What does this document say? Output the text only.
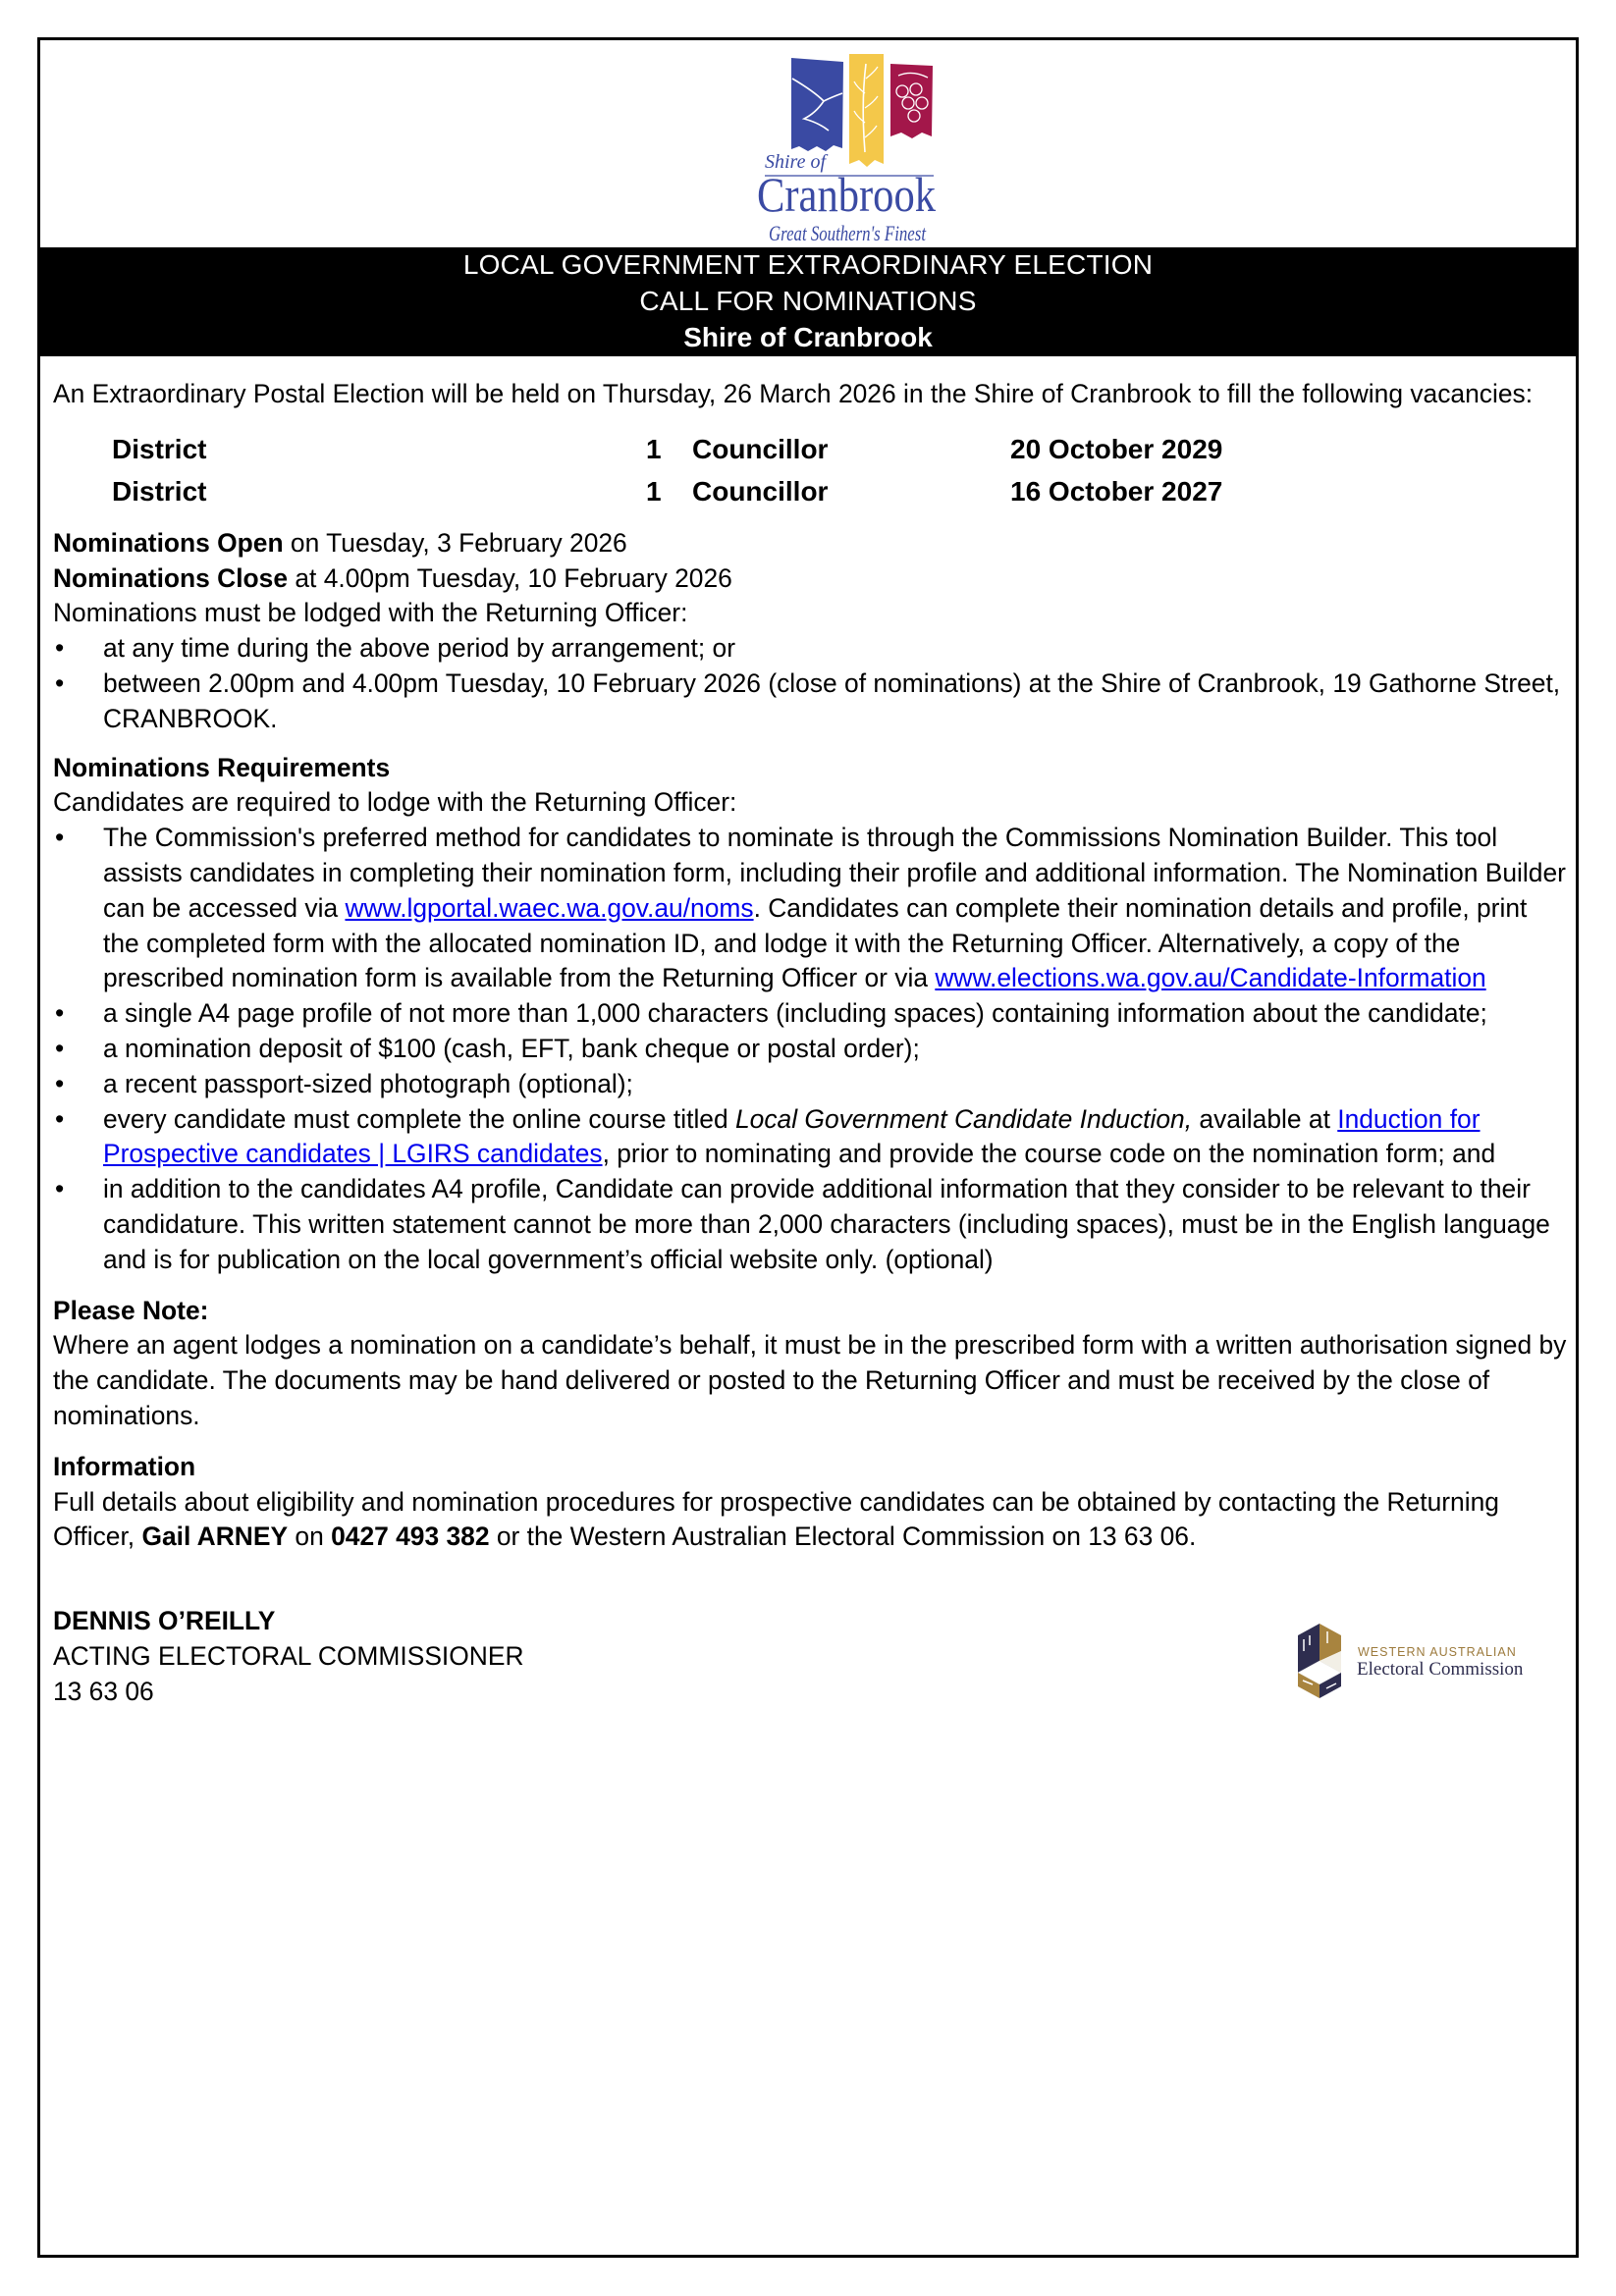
Shire of
Cranbrook
Great Southern's Finest
LOCAL GOVERNMENT EXTRAORDINARY ELECTION
CALL FOR NOMINATIONS
Shire of Cranbrook

An Extraordinary Postal Election will be held on Thursday, 26 March 2026 in the Shire of Cranbrook to fill the following vacancies:

District	1 Councillor	20 October 2029
District	1 Councillor	16 October 2027

Nominations Open on Tuesday, 3 February 2026

Nominations Close at 4.00pm Tuesday, 10 February 2026

Nominations must be lodged with the Returning Officer:

•	at any time during the above period by arrangement; or
•	between 2.00pm and 4.00pm Tuesday, 10 February 2026 (close of nominations) at the Shire of Cranbrook, 19 Gathorne Street, CRANBROOK.

Nominations Requirements

Candidates are required to lodge with the Returning Officer:

•	The Commission's preferred method for candidates to nominate is through the Commissions Nomination Builder. This tool assists candidates in completing their nomination form, including their profile and additional information. The Nomination Builder can be accessed via www.lgportal.waec.wa.gov.au/noms. Candidates can complete their nomination details and profile, print the completed form with the allocated nomination ID, and lodge it with the Returning Officer. Alternatively, a copy of the prescribed nomination form is available from the Returning Officer or via www.elections.wa.gov.au/Candidate-Information
•	a single A4 page profile of not more than 1,000 characters (including spaces) containing information about the candidate;
•	a nomination deposit of $100 (cash, EFT, bank cheque or postal order);
•	a recent passport-sized photograph (optional);
•	every candidate must complete the online course titled Local Government Candidate Induction, available at Induction for Prospective candidates | LGIRS candidates, prior to nominating and provide the course code on the nomination form; and
•	in addition to the candidates A4 profile, Candidate can provide additional information that they consider to be relevant to their candidature. This written statement cannot be more than 2,000 characters (including spaces), must be in the English language and is for publication on the local government’s official website only. (optional)

Please Note:

Where an agent lodges a nomination on a candidate’s behalf, it must be in the prescribed form with a written authorisation signed by the candidate. The documents may be hand delivered or posted to the Returning Officer and must be received by the close of nominations.

Information

Full details about eligibility and nomination procedures for prospective candidates can be obtained by contacting the Returning Officer, Gail ARNEY on 0427 493 382 or the Western Australian Electoral Commission on 13 63 06.

DENNIS O’REILLY

ACTING ELECTORAL COMMISSIONER

13 63 06

WESTERN AUSTRALIAN
Electoral Commission
